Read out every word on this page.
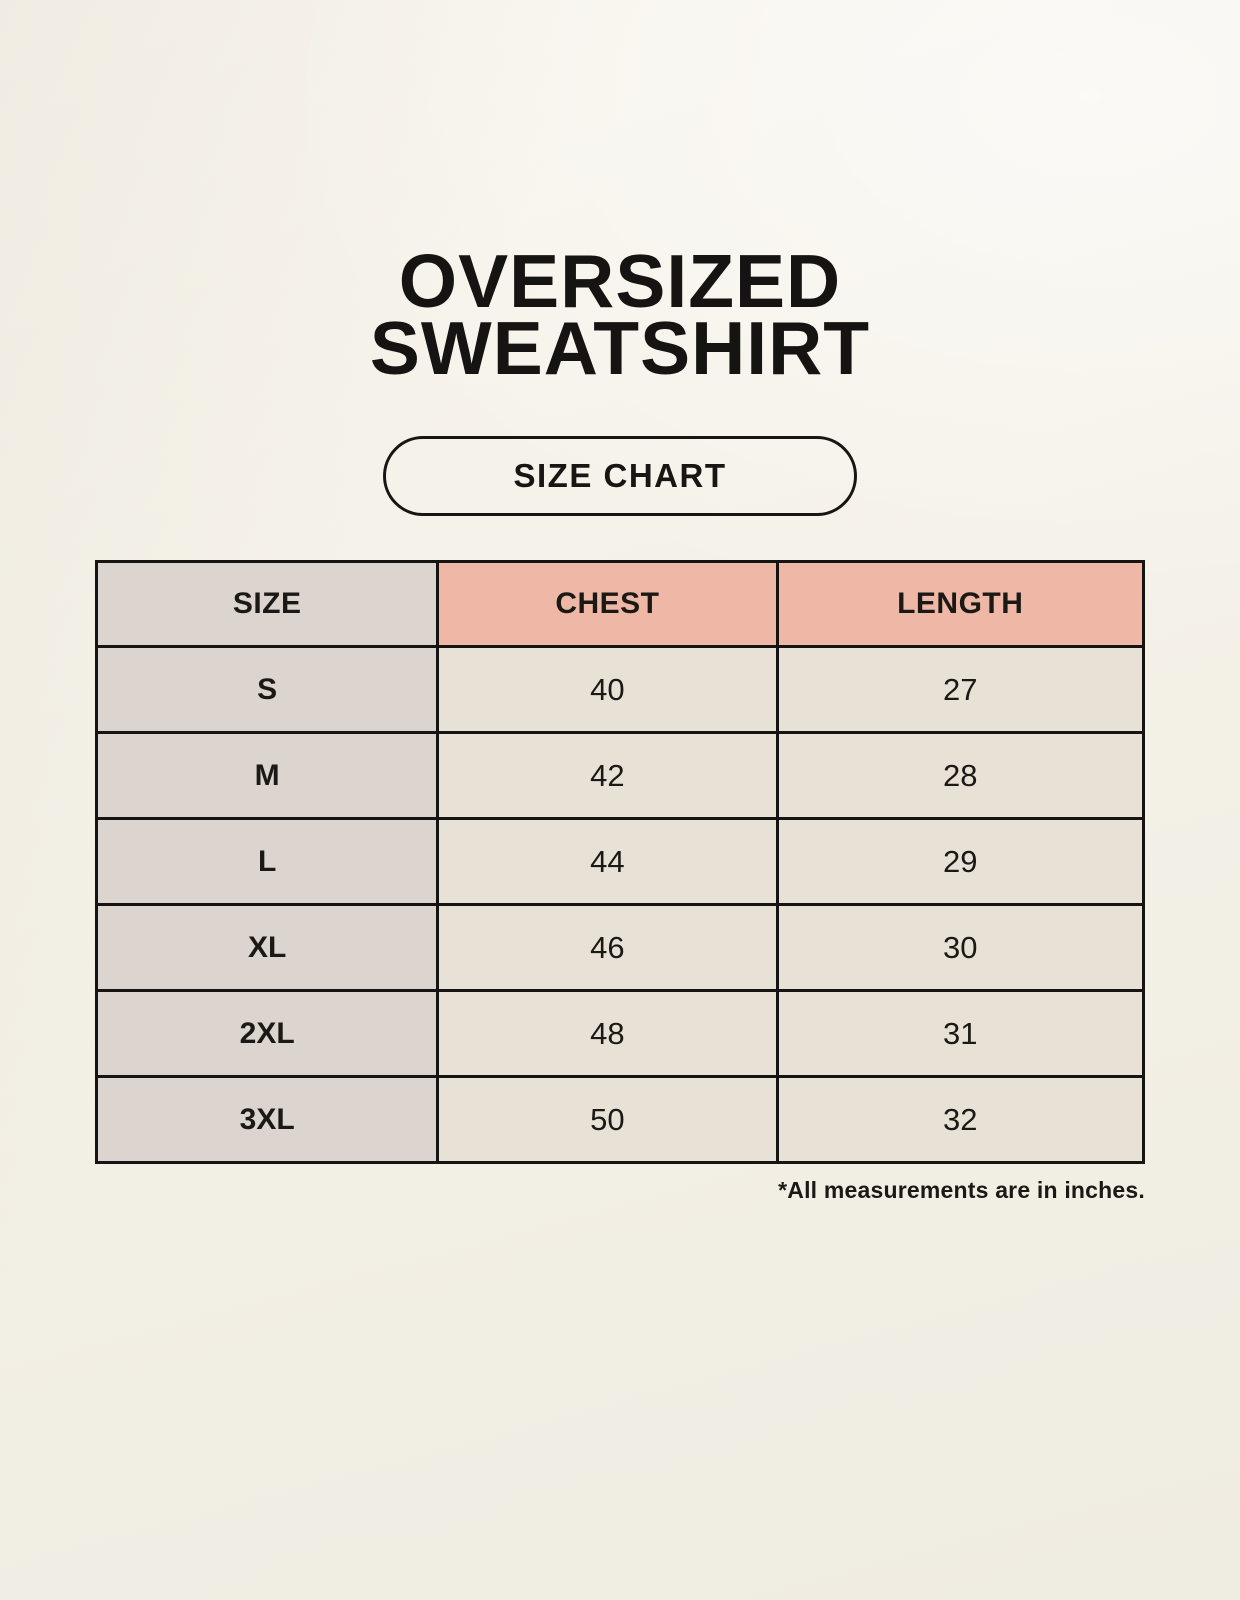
OVERSIZED
SWEATSHIRT
SIZE CHART
SIZE	CHEST	LENGTH
S	40	27
M	42	28
L	44	29
XL	46	30
2XL	48	31
3XL	50	32
*All measurements are in inches.
